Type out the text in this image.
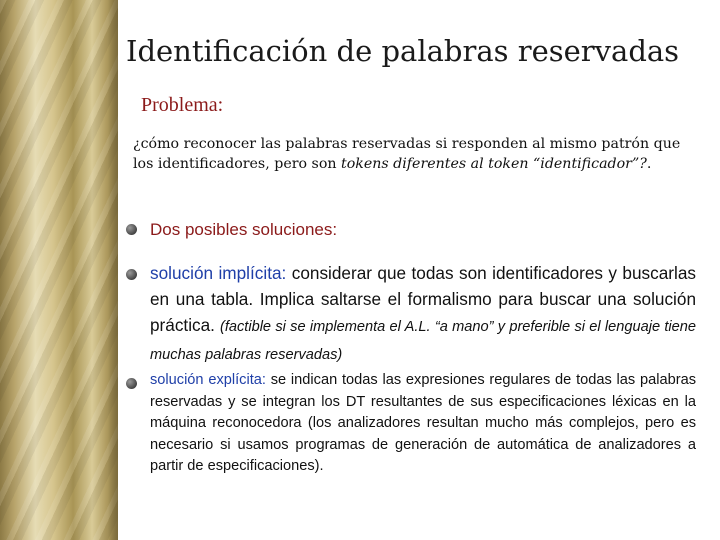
Identificación de palabras reservadas
Problema:
¿cómo reconocer las palabras reservadas si responden al mismo patrón que los identificadores, pero son tokens diferentes al token “identificador”?.
Dos posibles soluciones:
solución implícita: considerar que todas son identificadores y buscarlas en una tabla. Implica saltarse el formalismo para buscar una solución práctica. (factible si se implementa el A.L. “a mano” y preferible si el lenguaje tiene muchas palabras reservadas)
solución explícita: se indican todas las expresiones regulares de todas las palabras reservadas y se integran los DT resultantes de sus especificaciones léxicas en la máquina reconocedora (los analizadores resultan mucho más complejos, pero es necesario si usamos programas de generación de automática de analizadores a partir de especificaciones).
